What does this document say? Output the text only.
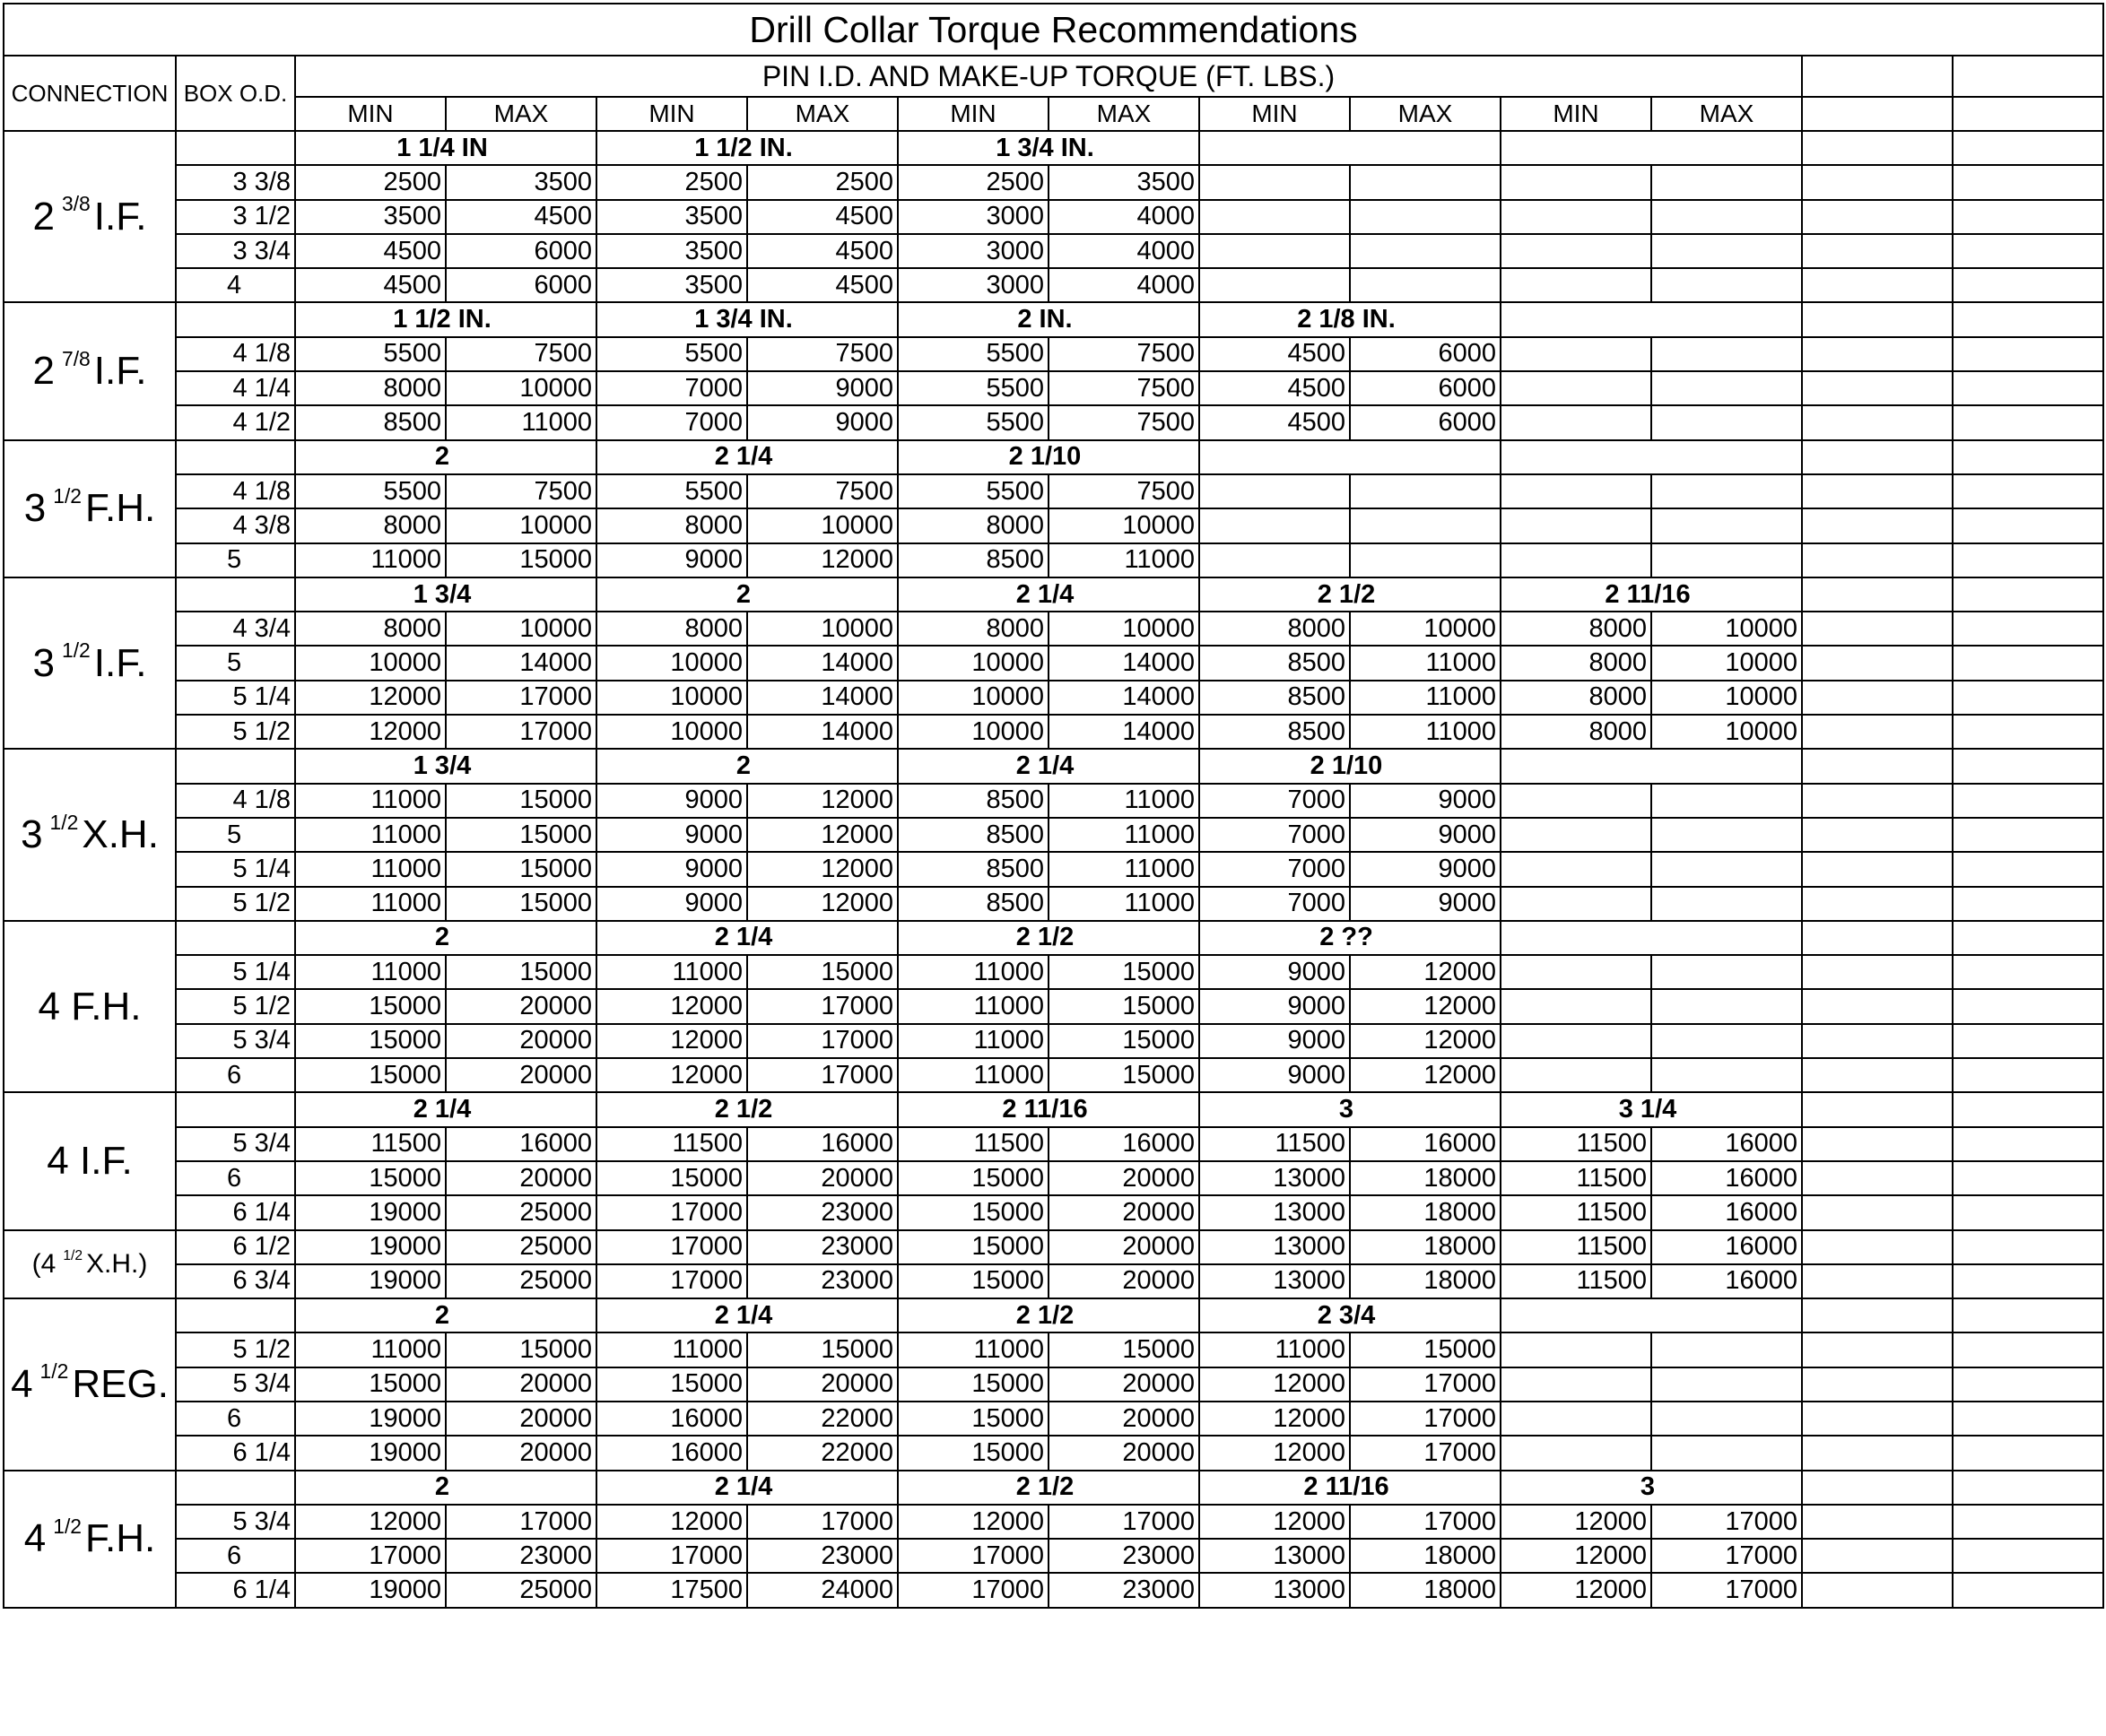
Drill Collar Torque Recommendations													
CONNECTION	BOX O.D.	PIN I.D. AND MAKE-UP TORQUE (FT. LBS.)											
		MIN	MAX	MIN	MAX	MIN	MAX	MIN	MAX	MIN	MAX		
2 $^{3/8}$I.F.		1 1/4 IN		1 1/2 IN.		1 3/4 IN.							
	3 3/8	2500	3500	2500	2500	2500	3500						
	3 1/2	3500	4500	3500	4500	3000	4000						
	3 3/4	4500	6000	3500	4500	3000	4000						
	4	4500	6000	3500	4500	3000	4000						
2 $^{7/8}$I.F.		1 1/2 IN.		1 3/4 IN.		2 IN.		2 1/8 IN.					
	4 1/8	5500	7500	5500	7500	5500	7500	4500	6000				
	4 1/4	8000	10000	7000	9000	5500	7500	4500	6000				
	4 1/2	8500	11000	7000	9000	5500	7500	4500	6000				
3 $^{1/2}$F.H.		2		2 1/4		2 1/10							
	4 1/8	5500	7500	5500	7500	5500	7500						
	4 3/8	8000	10000	8000	10000	8000	10000						
	5	11000	15000	9000	12000	8500	11000						
3 $^{1/2}$I.F.		1 3/4		2		2 1/4		2 1/2		2 11/16			
	4 3/4	8000	10000	8000	10000	8000	10000	8000	10000	8000	10000		
	5	10000	14000	10000	14000	10000	14000	8500	11000	8000	10000		
	5 1/4	12000	17000	10000	14000	10000	14000	8500	11000	8000	10000		
	5 1/2	12000	17000	10000	14000	10000	14000	8500	11000	8000	10000		
3 $^{1/2}$X.H.		1 3/4		2		2 1/4		2 1/10					
	4 1/8	11000	15000	9000	12000	8500	11000	7000	9000				
	5	11000	15000	9000	12000	8500	11000	7000	9000				
	5 1/4	11000	15000	9000	12000	8500	11000	7000	9000				
	5 1/2	11000	15000	9000	12000	8500	11000	7000	9000				
4 F.H.		2		2 1/4		2 1/2		2 ??					
	5 1/4	11000	15000	11000	15000	11000	15000	9000	12000				
	5 1/2	15000	20000	12000	17000	11000	15000	9000	12000				
	5 3/4	15000	20000	12000	17000	11000	15000	9000	12000				
	6	15000	20000	12000	17000	11000	15000	9000	12000				
4 I.F.		2 1/4		2 1/2		2 11/16		3		3 1/4			
	5 3/4	11500	16000	11500	16000	11500	16000	11500	16000	11500	16000		
	6	15000	20000	15000	20000	15000	20000	13000	18000	11500	16000		
	6 1/4	19000	25000	17000	23000	15000	20000	13000	18000	11500	16000		
(4 $^{1/2}$ X.H.)	6 1/2	19000	25000	17000	23000	15000	20000	13000	18000	11500	16000		
	6 3/4	19000	25000	17000	23000	15000	20000	13000	18000	11500	16000		
4 $^{1/2}$REG.		2		2 1/4		2 1/2		2 3/4					
	5 1/2	11000	15000	11000	15000	11000	15000	11000	15000				
	5 3/4	15000	20000	15000	20000	15000	20000	12000	17000				
	6	19000	20000	16000	22000	15000	20000	12000	17000				
	6 1/4	19000	20000	16000	22000	15000	20000	12000	17000				
4 $^{1/2}$F.H.		2		2 1/4		2 1/2		2 11/16		3			
	5 3/4	12000	17000	12000	17000	12000	17000	12000	17000	12000	17000		
	6	17000	23000	17000	23000	17000	23000	13000	18000	12000	17000		
	6 1/4	19000	25000	17500	24000	17000	23000	13000	18000	12000	17000		
